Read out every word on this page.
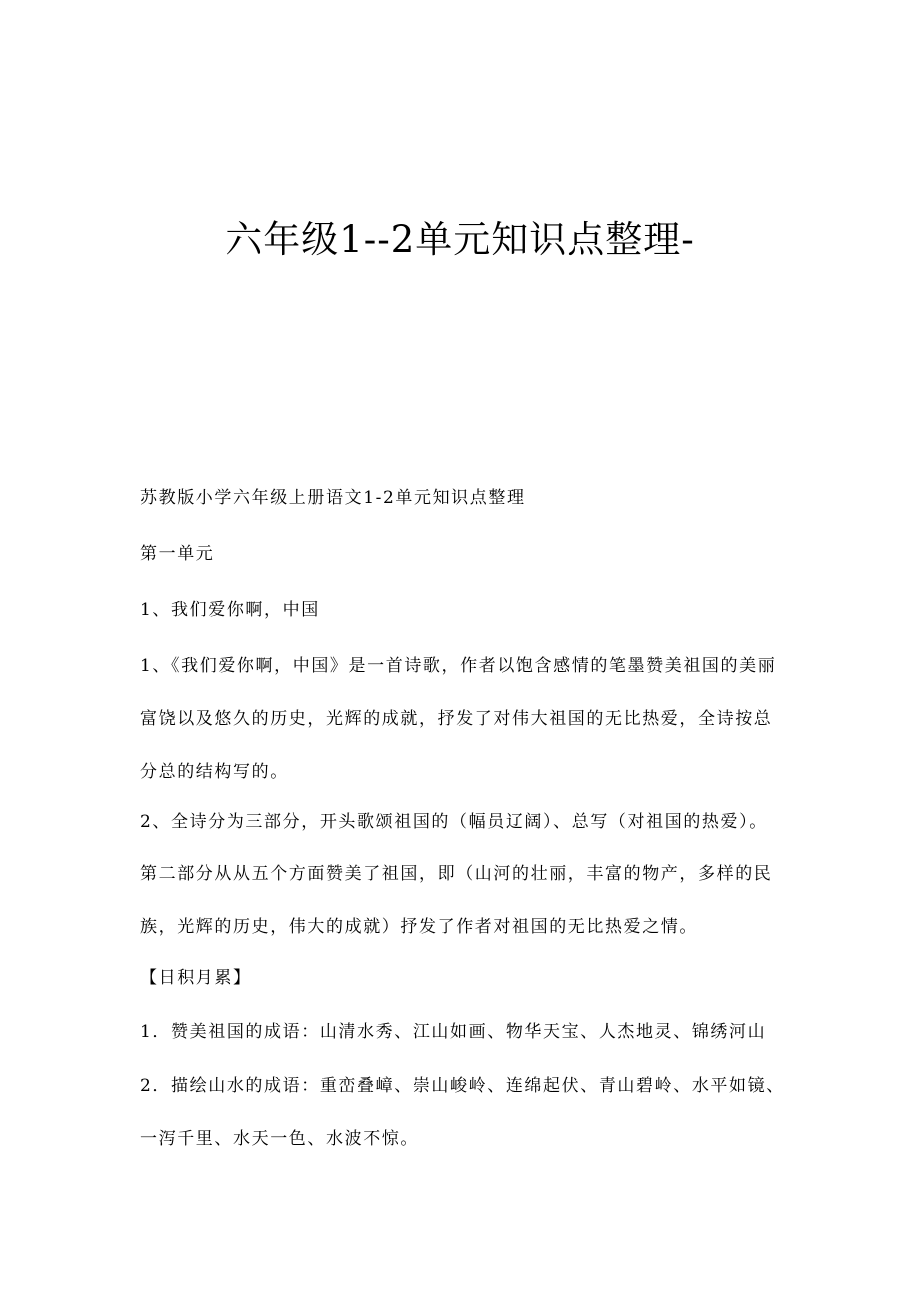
六年级1--2单元知识点整理-

苏教版小学六年级上册语文1-2单元知识点整理

第一单元

1、我们爱你啊，中国

1、《我们爱你啊，中国》是一首诗歌，作者以饱含感情的笔墨赞美祖国的美丽富饶以及悠久的历史，光辉的成就，抒发了对伟大祖国的无比热爱，全诗按总分总的结构写的。

2、全诗分为三部分，开头歌颂祖国的（幅员辽阔）、总写（对祖国的热爱）。

第二部分从从五个方面赞美了祖国，即（山河的壮丽，丰富的物产，多样的民族，光辉的历史，伟大的成就）抒发了作者对祖国的无比热爱之情。

【日积月累】

1．赞美祖国的成语：山清水秀、江山如画、物华天宝、人杰地灵、锦绣河山

2．描绘山水的成语：重峦叠嶂、崇山峻岭、连绵起伏、青山碧岭、水平如镜、一泻千里、水天一色、水波不惊。
